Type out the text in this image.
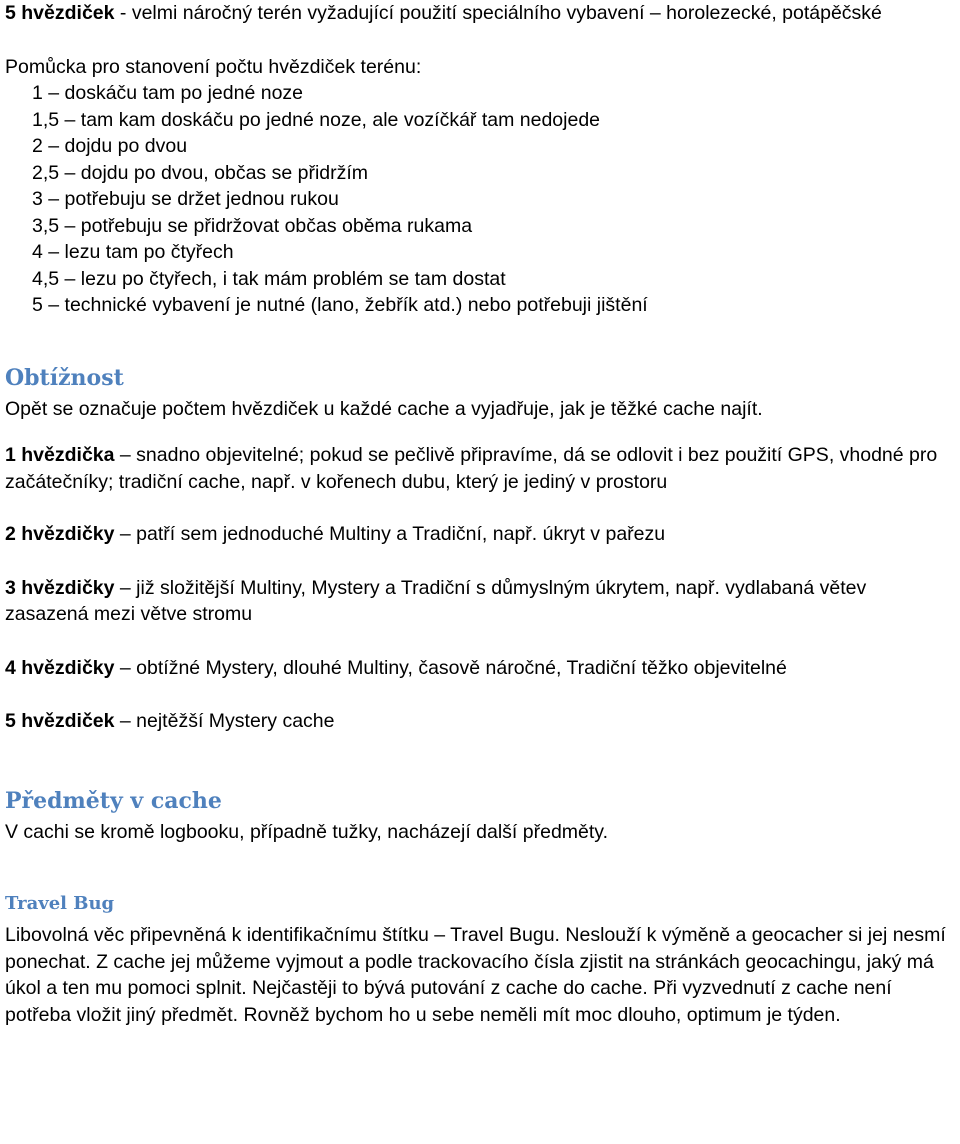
5 hvězdiček - velmi náročný terén vyžadující použití speciálního vybavení – horolezecké, potápěčské

Pomůcka pro stanovení počtu hvězdiček terénu:

1 – doskáču tam po jedné noze

1,5 – tam kam doskáču po jedné noze, ale vozíčkář tam nedojede

2 – dojdu po dvou

2,5 – dojdu po dvou, občas se přidržím

3 – potřebuju se držet jednou rukou

3,5 – potřebuju se přidržovat občas oběma rukama

4 – lezu tam po čtyřech

4,5 – lezu po čtyřech, i tak mám problém se tam dostat

5 – technické vybavení je nutné (lano, žebřík atd.) nebo potřebuji jištění

Obtížnost

Opět se označuje počtem hvězdiček u každé cache a vyjadřuje, jak je těžké cache najít.

1 hvězdička – snadno objevitelné; pokud se pečlivě připravíme, dá se odlovit i bez použití GPS, vhodné pro začátečníky; tradiční cache, např. v kořenech dubu, který je jediný v prostoru

2 hvězdičky – patří sem jednoduché Multiny a Tradiční, např. úkryt v pařezu

3 hvězdičky – již složitější Multiny, Mystery a Tradiční s důmyslným úkrytem, např. vydlabaná větev zasazená mezi větve stromu

4 hvězdičky – obtížné Mystery, dlouhé Multiny, časově náročné, Tradiční těžko objevitelné

5 hvězdiček – nejtěžší Mystery cache

Předměty v cache

V cachi se kromě logbooku, případně tužky, nacházejí další předměty.

Travel Bug

Libovolná věc připevněná k identifikačnímu štítku – Travel Bugu. Neslouží k výměně a geocacher si jej nesmí ponechat. Z cache jej můžeme vyjmout a podle trackovacího čísla zjistit na stránkách geocachingu, jaký má úkol a ten mu pomoci splnit. Nejčastěji to bývá putování z cache do cache. Při vyzvednutí z cache není potřeba vložit jiný předmět. Rovněž bychom ho u sebe neměli mít moc dlouho, optimum je týden.
